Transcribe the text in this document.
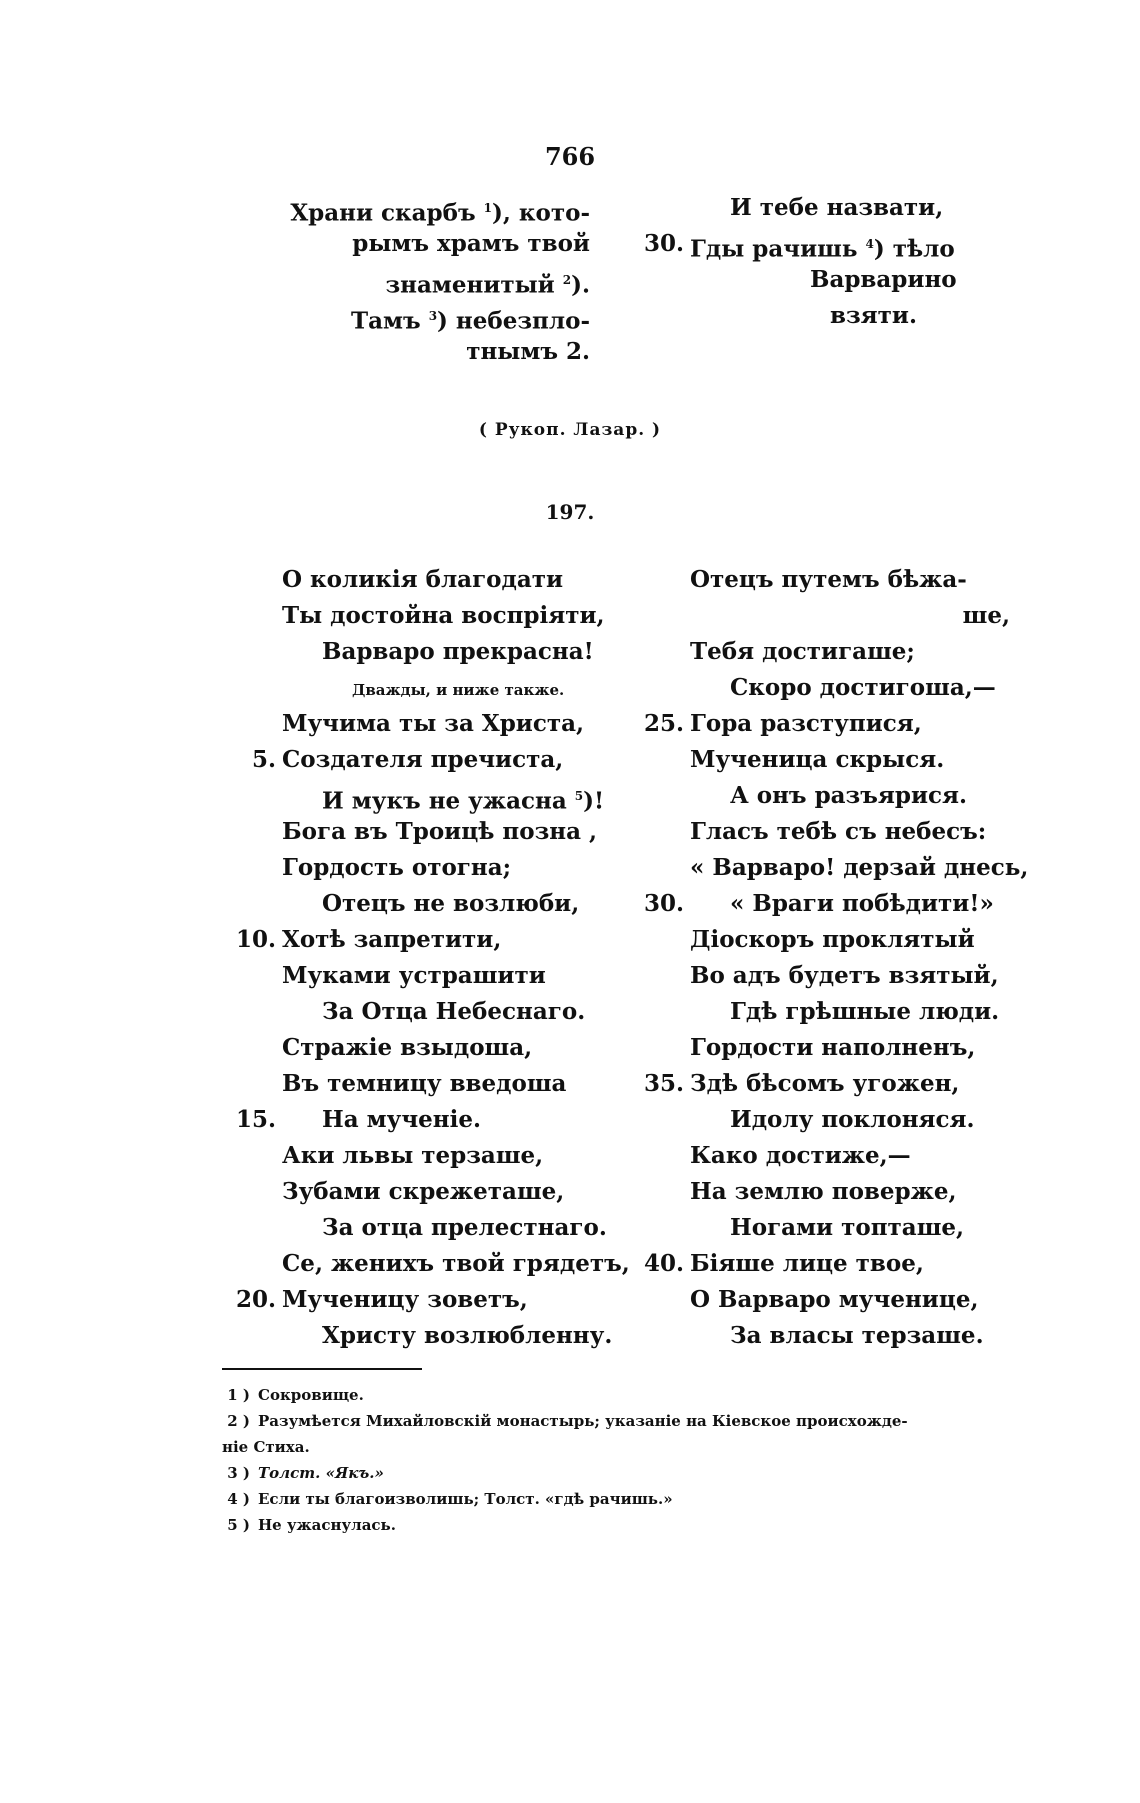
766
Храни скарбъ $^1$), кото-
рымъ храмъ твой
знаменитый $^2$).
Тамъ $^3$) небезпло-
тнымъ 2.
И тебе назвати,
30. Гды рачишь $^4$) тѣло
Варварино
взяти.
( Рукоп. Лазар. )
197.
О коликія благодати
Ты достойна воспріяти,
Варваро прекрасна!
Дважды, и ниже также.
Мучима ты за Христа,
5. Создателя пречиста,
И мукъ не ужасна $^5$)!
Бога въ Троицѣ позна ,
Гордость отогна;
Отецъ не возлюби,
10. Хотѣ запретити,
Муками устрашити
За Отца Небеснаго.
Стражіе взыдоша,
Въ темницу введоша
15. На мученіе.
Аки львы терзаше,
Зубами скрежеташе,
За отца прелестнаго.
Се, женихъ твой грядетъ,
20. Мученицу зоветъ,
Христу возлюбленну.
Отецъ путемъ бѣжа-
ше,
Тебя достигаше;
Скоро достигоша,—
25. Гора разступися,
Мученица скрыся.
А онъ разъярися.
Гласъ тебѣ съ небесъ:
« Варваро! дерзай днесь,
30. « Враги побѣдити!»
Діоскоръ проклятый
Во адъ будетъ взятый,
Гдѣ грѣшные люди.
Гордости наполненъ,
35. Здѣ бѣсомъ угожен,
Идолу поклоняся.
Како достиже,—
На землю поверже,
Ногами топташе,
40. Біяше лице твое,
О Варваро мученице,
За власы терзаше.
1 ) Сокровище.
2 ) Разумѣется Михайловскій монастырь; указаніе на Кіевское происхожде-
ніе Стиха.
3 ) Толст. «Якъ.»
4 ) Если ты благоизволишь; Толст. «гдѣ рачишь.»
5 ) Не ужаснулась.
